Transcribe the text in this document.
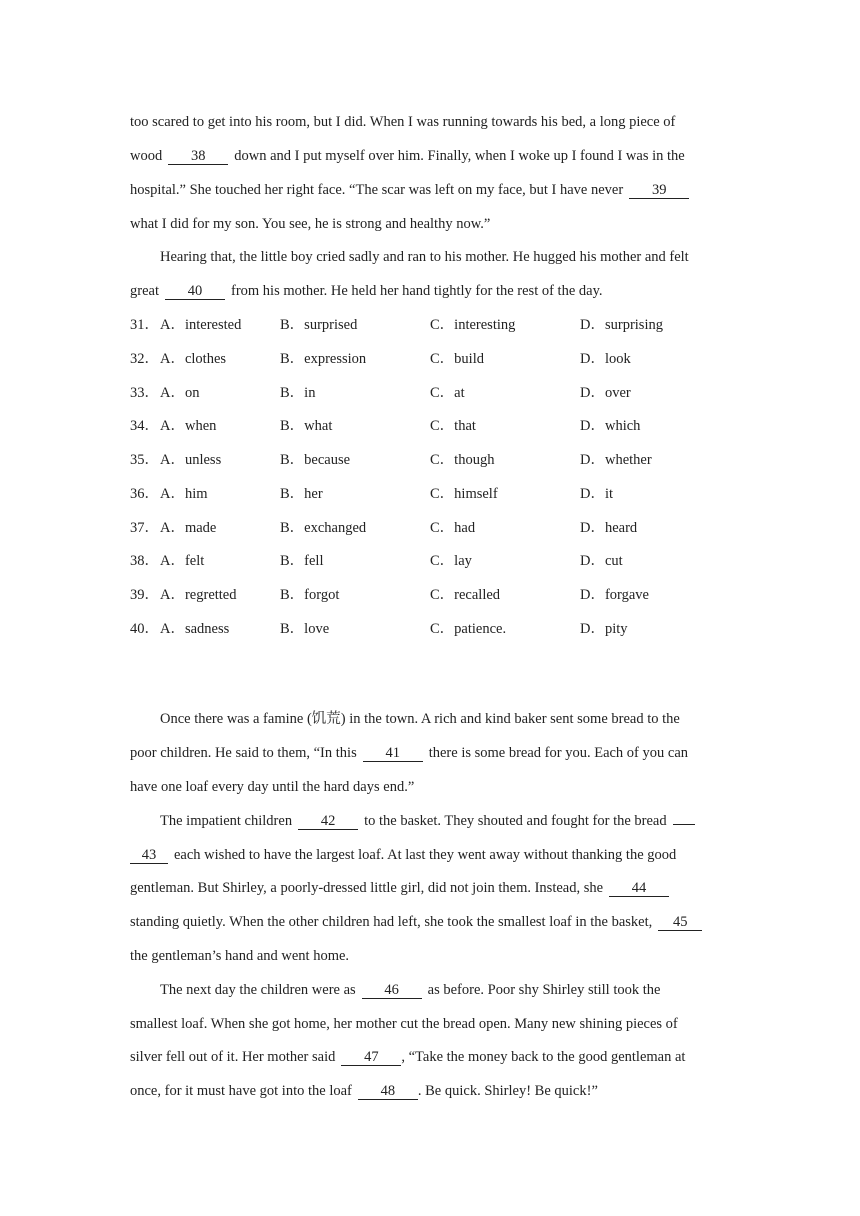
too scared to get into his room, but I did. When I was running towards his bed, a long piece of
wood 38 down and I put myself over him. Finally, when I woke up I found I was in the
hospital.” She touched her right face. “The scar was left on my face, but I have never 39
what I did for my son. You see, he is strong and healthy now.”
Hearing that, the little boy cried sadly and ran to his mother. He hugged his mother and felt
great 40 from his mother. He held her hand tightly for the rest of the day.
31． A．interested	B．surprised	C．interesting	D．surprising
32． A．clothes	B．expression	C．build	D．look
33． A．on	B．in	C．at	D．over
34． A．when	B．what	C．that	D．which
35． A．unless	B．because	C．though	D．whether
36． A．him	B．her	C．himself	D．it
37． A．made	B．exchanged	C．had	D．heard
38． A．felt	B．fell	C．lay	D．cut
39． A．regretted	B．forgot	C．recalled	D．forgave
40． A．sadness	B．love	C．patience.	D．pity
Once there was a famine (饥荒) in the town. A rich and kind baker sent some bread to the
poor children. He said to them, “In this 41 there is some bread for you. Each of you can
have one loaf every day until the hard days end.”
The impatient children 42 to the basket. They shouted and fought for the bread
43 each wished to have the largest loaf. At last they went away without thanking the good
gentleman. But Shirley, a poorly-dressed little girl, did not join them. Instead, she 44
standing quietly. When the other children had left, she took the smallest loaf in the basket, 45
the gentleman’s hand and went home.
The next day the children were as 46 as before. Poor shy Shirley still took the
smallest loaf. When she got home, her mother cut the bread open. Many new shining pieces of
silver fell out of it. Her mother said 47 , “Take the money back to the good gentleman at
once, for it must have got into the loaf 48 . Be quick. Shirley! Be quick!”
